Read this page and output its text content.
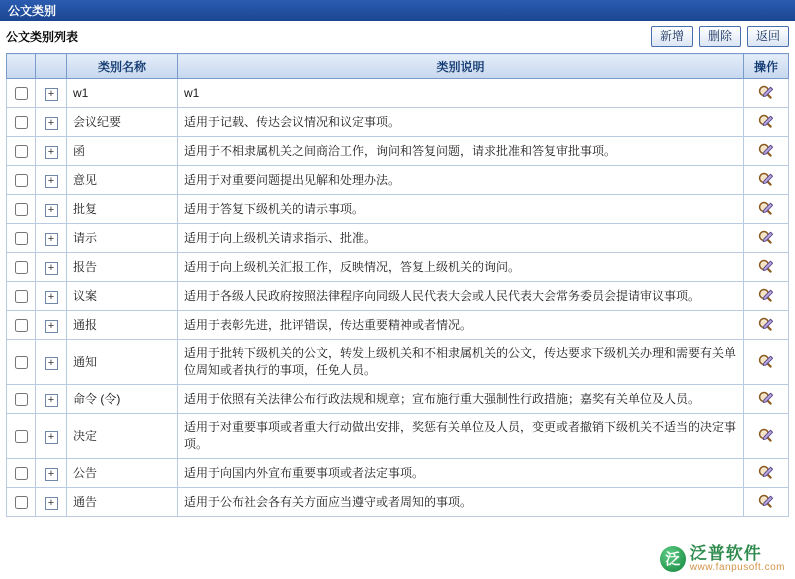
公文类别
公文类别列表	新增	删除	返回
		类别名称	类别说明	操作
	+	w1	w1	
	+	会议纪要	适用于记载、传达会议情况和议定事项。	
	+	函	适用于不相隶属机关之间商洽工作，询问和答复问题，请求批准和答复审批事项。	
	+	意见	适用于对重要问题提出见解和处理办法。	
	+	批复	适用于答复下级机关的请示事项。	
	+	请示	适用于向上级机关请求指示、批准。	
	+	报告	适用于向上级机关汇报工作，反映情况，答复上级机关的询问。	
	+	议案	适用于各级人民政府按照法律程序向同级人民代表大会或人民代表大会常务委员会提请审议事项。	
	+	通报	适用于表彰先进，批评错误，传达重要精神或者情况。	
	+	通知	适用于批转下级机关的公文，转发上级机关和不相隶属机关的公文，传达要求下级机关办理和需要有关单位周知或者执行的事项，任免人员。	
	+	命令 (令)	适用于依照有关法律公布行政法规和规章；宣布施行重大强制性行政措施；嘉奖有关单位及人员。	
	+	决定	适用于对重要事项或者重大行动做出安排，奖惩有关单位及人员，变更或者撤销下级机关不适当的决定事项。	
	+	公告	适用于向国内外宣布重要事项或者法定事项。	
	+	通告	适用于公布社会各有关方面应当遵守或者周知的事项。	
泛 泛普软件
www.fanpusoft.com
